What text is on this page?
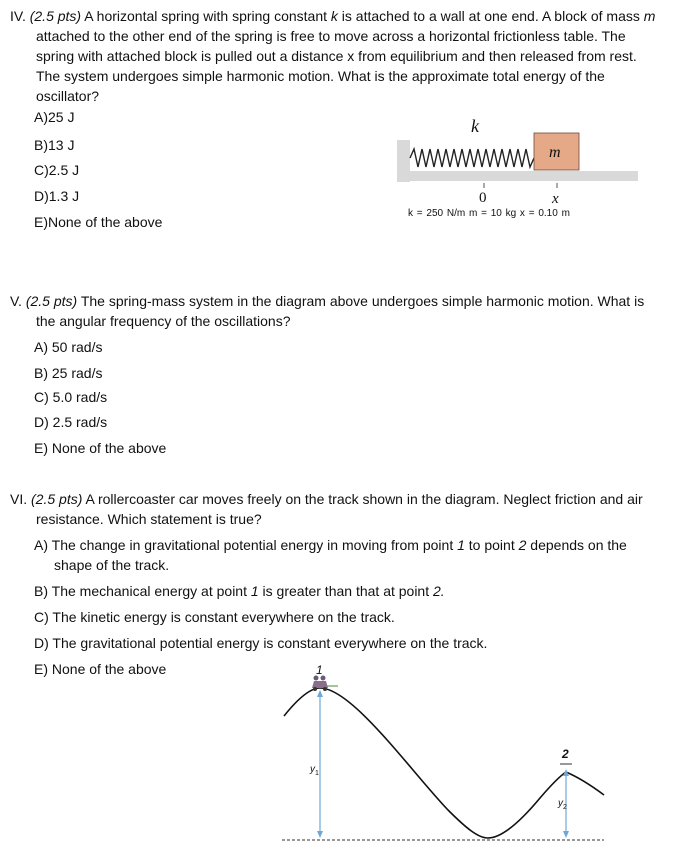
IV. (2.5 pts) A horizontal spring with spring constant k is attached to a wall at one end. A block of mass m attached to the other end of the spring is free to move across a horizontal frictionless table. The spring with attached block is pulled out a distance x from equilibrium and then released from rest. The system undergoes simple harmonic motion. What is the approximate total energy of the oscillator?
A)25 J
B)13 J
C)2.5 J
D)1.3 J
E)None of the above
k
m
0	x
k = 250 N/m m = 10 kg x = 0.10 m
V. (2.5 pts) The spring-mass system in the diagram above undergoes simple harmonic motion. What is the angular frequency of the oscillations?
A) 50 rad/s
B) 25 rad/s
C) 5.0 rad/s
D) 2.5 rad/s
E) None of the above
VI. (2.5 pts) A rollercoaster car moves freely on the track shown in the diagram. Neglect friction and air resistance. Which statement is true?
A) The change in gravitational potential energy in moving from point 1 to point 2 depends on the shape of the track.
B) The mechanical energy at point 1 is greater than that at point 2.
C) The kinetic energy is constant everywhere on the track.
D) The gravitational potential energy is constant everywhere on the track.
E) None of the above	1
2
$y_1$
$y_2$
